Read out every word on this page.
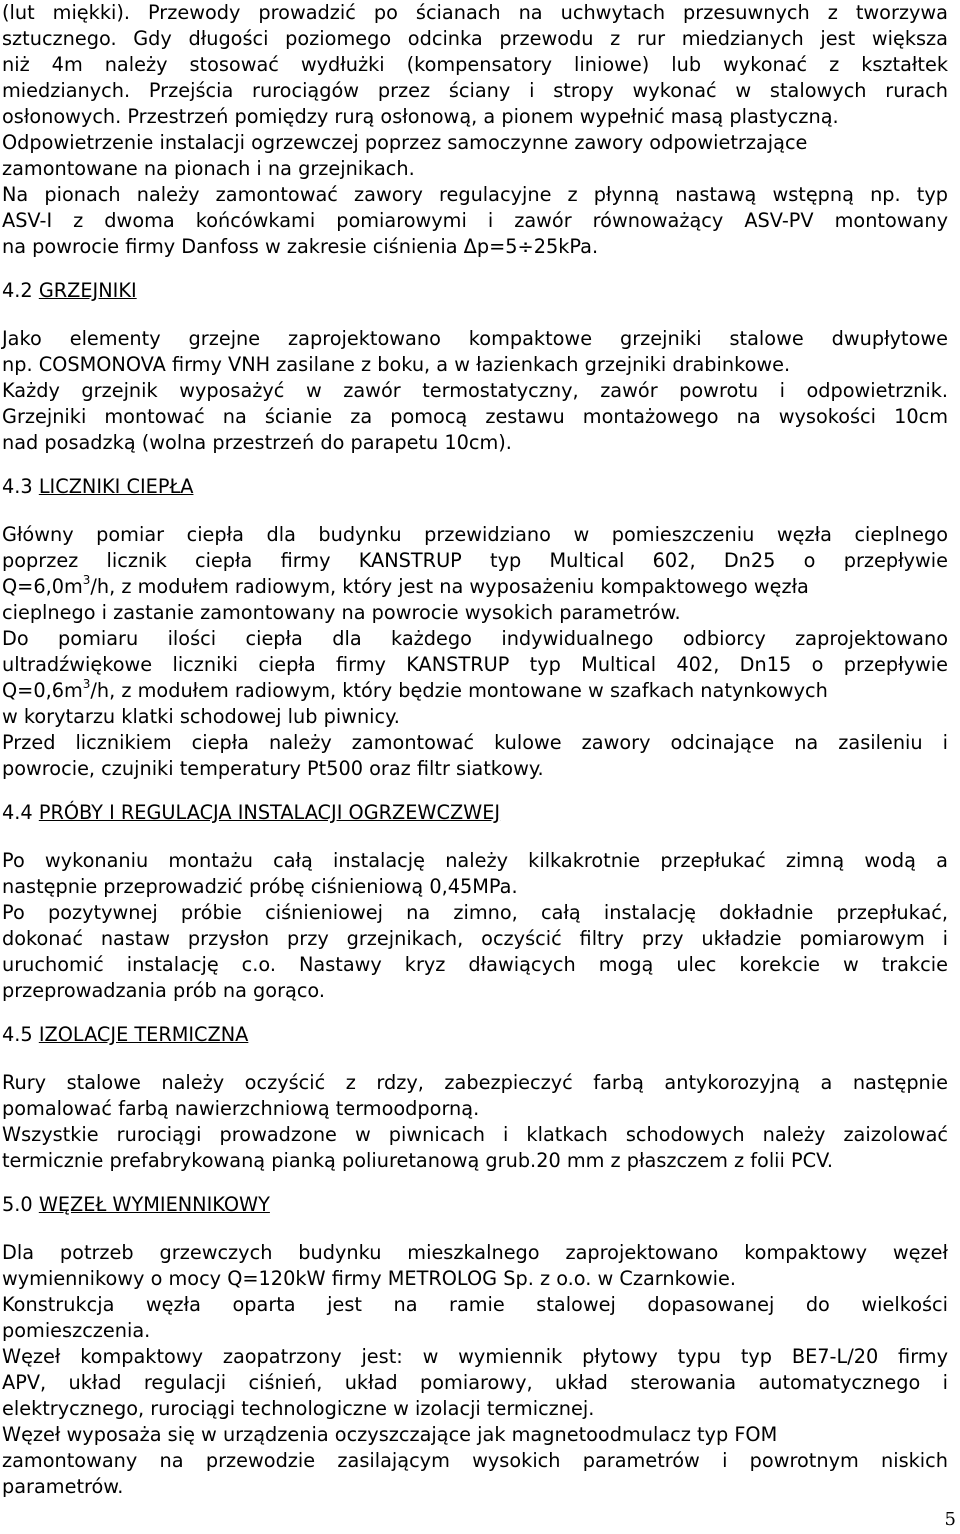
(lut miękki). Przewody prowadzić po ścianach na uchwytach przesuwnych z tworzywa
sztucznego. Gdy długości poziomego odcinka przewodu z rur miedzianych jest większa
niż 4m należy stosować wydłużki (kompensatory liniowe) lub wykonać z kształtek
miedzianych. Przejścia rurociągów przez ściany i stropy wykonać w stalowych rurach
osłonowych. Przestrzeń pomiędzy rurą osłonową, a pionem wypełnić masą plastyczną.
Odpowietrzenie instalacji ogrzewczej poprzez samoczynne zawory odpowietrzające
zamontowane na pionach i na grzejnikach.
Na pionach należy zamontować zawory regulacyjne z płynną nastawą wstępną np. typ
ASV-I z dwoma końcówkami pomiarowymi i zawór równoważący ASV-PV montowany
na powrocie firmy Danfoss w zakresie ciśnienia Δp=5÷25kPa.
4.2 GRZEJNIKI
Jako elementy grzejne zaprojektowano kompaktowe grzejniki stalowe dwupłytowe
np. COSMONOVA firmy VNH zasilane z boku, a w łazienkach grzejniki drabinkowe.
Każdy grzejnik wyposażyć w zawór termostatyczny, zawór powrotu i odpowietrznik.
Grzejniki montować na ścianie za pomocą zestawu montażowego na wysokości 10cm
nad posadzką (wolna przestrzeń do parapetu 10cm).
4.3 LICZNIKI CIEPŁA
Główny pomiar ciepła dla budynku przewidziano w pomieszczeniu węzła cieplnego
poprzez licznik ciepła firmy KANSTRUP typ Multical 602, Dn25 o przepływie
$Q=6,0m^3/h$, z modułem radiowym, który jest na wyposażeniu kompaktowego węzła
cieplnego i zastanie zamontowany na powrocie wysokich parametrów.
Do pomiaru ilości ciepła dla każdego indywidualnego odbiorcy zaprojektowano
ultradźwiękowe liczniki ciepła firmy KANSTRUP typ Multical 402, Dn15 o przepływie
$Q=0,6m^3/h$, z modułem radiowym, który będzie montowane w szafkach natynkowych
w korytarzu klatki schodowej lub piwnicy.
Przed licznikiem ciepła należy zamontować kulowe zawory odcinające na zasileniu i
powrocie, czujniki temperatury Pt500 oraz filtr siatkowy.
4.4 PRÓBY I REGULACJA INSTALACJI OGRZEWCZWEJ
Po wykonaniu montażu całą instalację należy kilkakrotnie przepłukać zimną wodą a
następnie przeprowadzić próbę ciśnieniową 0,45MPa.
Po pozytywnej próbie ciśnieniowej na zimno, całą instalację dokładnie przepłukać,
dokonać nastaw przysłon przy grzejnikach, oczyścić filtry przy układzie pomiarowym i
uruchomić instalację c.o. Nastawy kryz dławiących mogą ulec korekcie w trakcie
przeprowadzania prób na gorąco.
4.5 IZOLACJE TERMICZNA
Rury stalowe należy oczyścić z rdzy, zabezpieczyć farbą antykorozyjną a następnie
pomalować farbą nawierzchniową termoodporną.
Wszystkie rurociągi prowadzone w piwnicach i klatkach schodowych należy zaizolować
termicznie prefabrykowaną pianką poliuretanową grub.20 mm z płaszczem z folii PCV.
5.0 WĘZEŁ WYMIENNIKOWY
Dla potrzeb grzewczych budynku mieszkalnego zaprojektowano kompaktowy węzeł
wymiennikowy o mocy Q=120kW firmy METROLOG Sp. z o.o. w Czarnkowie.
Konstrukcja węzła oparta jest na ramie stalowej dopasowanej do wielkości
pomieszczenia.
Węzeł kompaktowy zaopatrzony jest: w wymiennik płytowy typu typ BE7-L/20 firmy
APV, układ regulacji ciśnień, układ pomiarowy, układ sterowania automatycznego i
elektrycznego, rurociągi technologiczne w izolacji termicznej.
Węzeł wyposaża się w urządzenia oczyszczające jak magnetoodmulacz typ FOM
zamontowany na przewodzie zasilającym wysokich parametrów i powrotnym niskich
parametrów.
5
